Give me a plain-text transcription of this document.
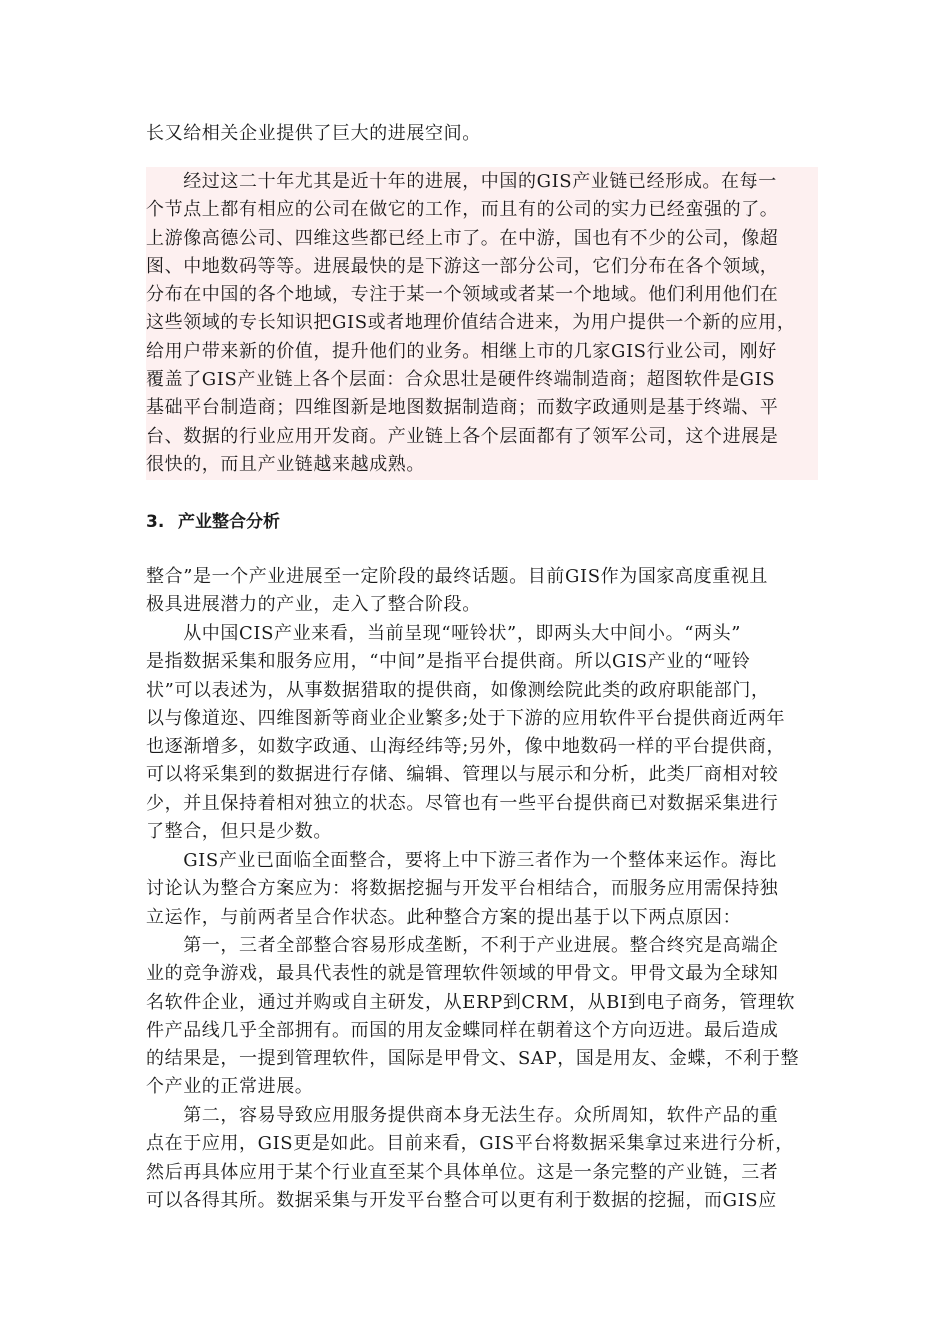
长又给相关企业提供了巨大的进展空间。
　　经过这二十年尤其是近十年的进展，中国的GIS产业链已经形成。在每一
个节点上都有相应的公司在做它的工作，而且有的公司的实力已经蛮强的了。
上游像高德公司、四维这些都已经上市了。在中游，国也有不少的公司，像超
图、中地数码等等。进展最快的是下游这一部分公司，它们分布在各个领域，
分布在中国的各个地域，专注于某一个领域或者某一个地域。他们利用他们在
这些领域的专长知识把GIS或者地理价值结合进来，为用户提供一个新的应用，
给用户带来新的价值，提升他们的业务。相继上市的几家GIS行业公司，刚好
覆盖了GIS产业链上各个层面：合众思壮是硬件终端制造商；超图软件是GIS
基础平台制造商；四维图新是地图数据制造商；而数字政通则是基于终端、平
台、数据的行业应用开发商。产业链上各个层面都有了领军公司，这个进展是
很快的，而且产业链越来越成熟。
3. 产业整合分析
整合”是一个产业进展至一定阶段的最终话题。目前GIS作为国家高度重视且
极具进展潜力的产业，走入了整合阶段。
　　从中国CIS产业来看，当前呈现“哑铃状”，即两头大中间小。“两头”
是指数据采集和服务应用，“中间”是指平台提供商。所以GIS产业的“哑铃
状”可以表述为，从事数据猎取的提供商，如像测绘院此类的政府职能部门，
以与像道迩、四维图新等商业企业繁多;处于下游的应用软件平台提供商近两年
也逐渐增多，如数字政通、山海经纬等;另外，像中地数码一样的平台提供商，
可以将采集到的数据进行存储、编辑、管理以与展示和分析，此类厂商相对较
少，并且保持着相对独立的状态。尽管也有一些平台提供商已对数据采集进行
了整合，但只是少数。
　　GIS产业已面临全面整合，要将上中下游三者作为一个整体来运作。海比
讨论认为整合方案应为：将数据挖掘与开发平台相结合，而服务应用需保持独
立运作，与前两者呈合作状态。此种整合方案的提出基于以下两点原因：
　　第一，三者全部整合容易形成垄断，不利于产业进展。整合终究是高端企
业的竞争游戏，最具代表性的就是管理软件领域的甲骨文。甲骨文最为全球知
名软件企业，通过并购或自主研发，从ERP到CRM，从BI到电子商务，管理软
件产品线几乎全部拥有。而国的用友金蝶同样在朝着这个方向迈进。最后造成
的结果是，一提到管理软件，国际是甲骨文、SAP，国是用友、金蝶，不利于整
个产业的正常进展。
　　第二，容易导致应用服务提供商本身无法生存。众所周知，软件产品的重
点在于应用，GIS更是如此。目前来看，GIS平台将数据采集拿过来进行分析，
然后再具体应用于某个行业直至某个具体单位。这是一条完整的产业链，三者
可以各得其所。数据采集与开发平台整合可以更有利于数据的挖掘，而GIS应
